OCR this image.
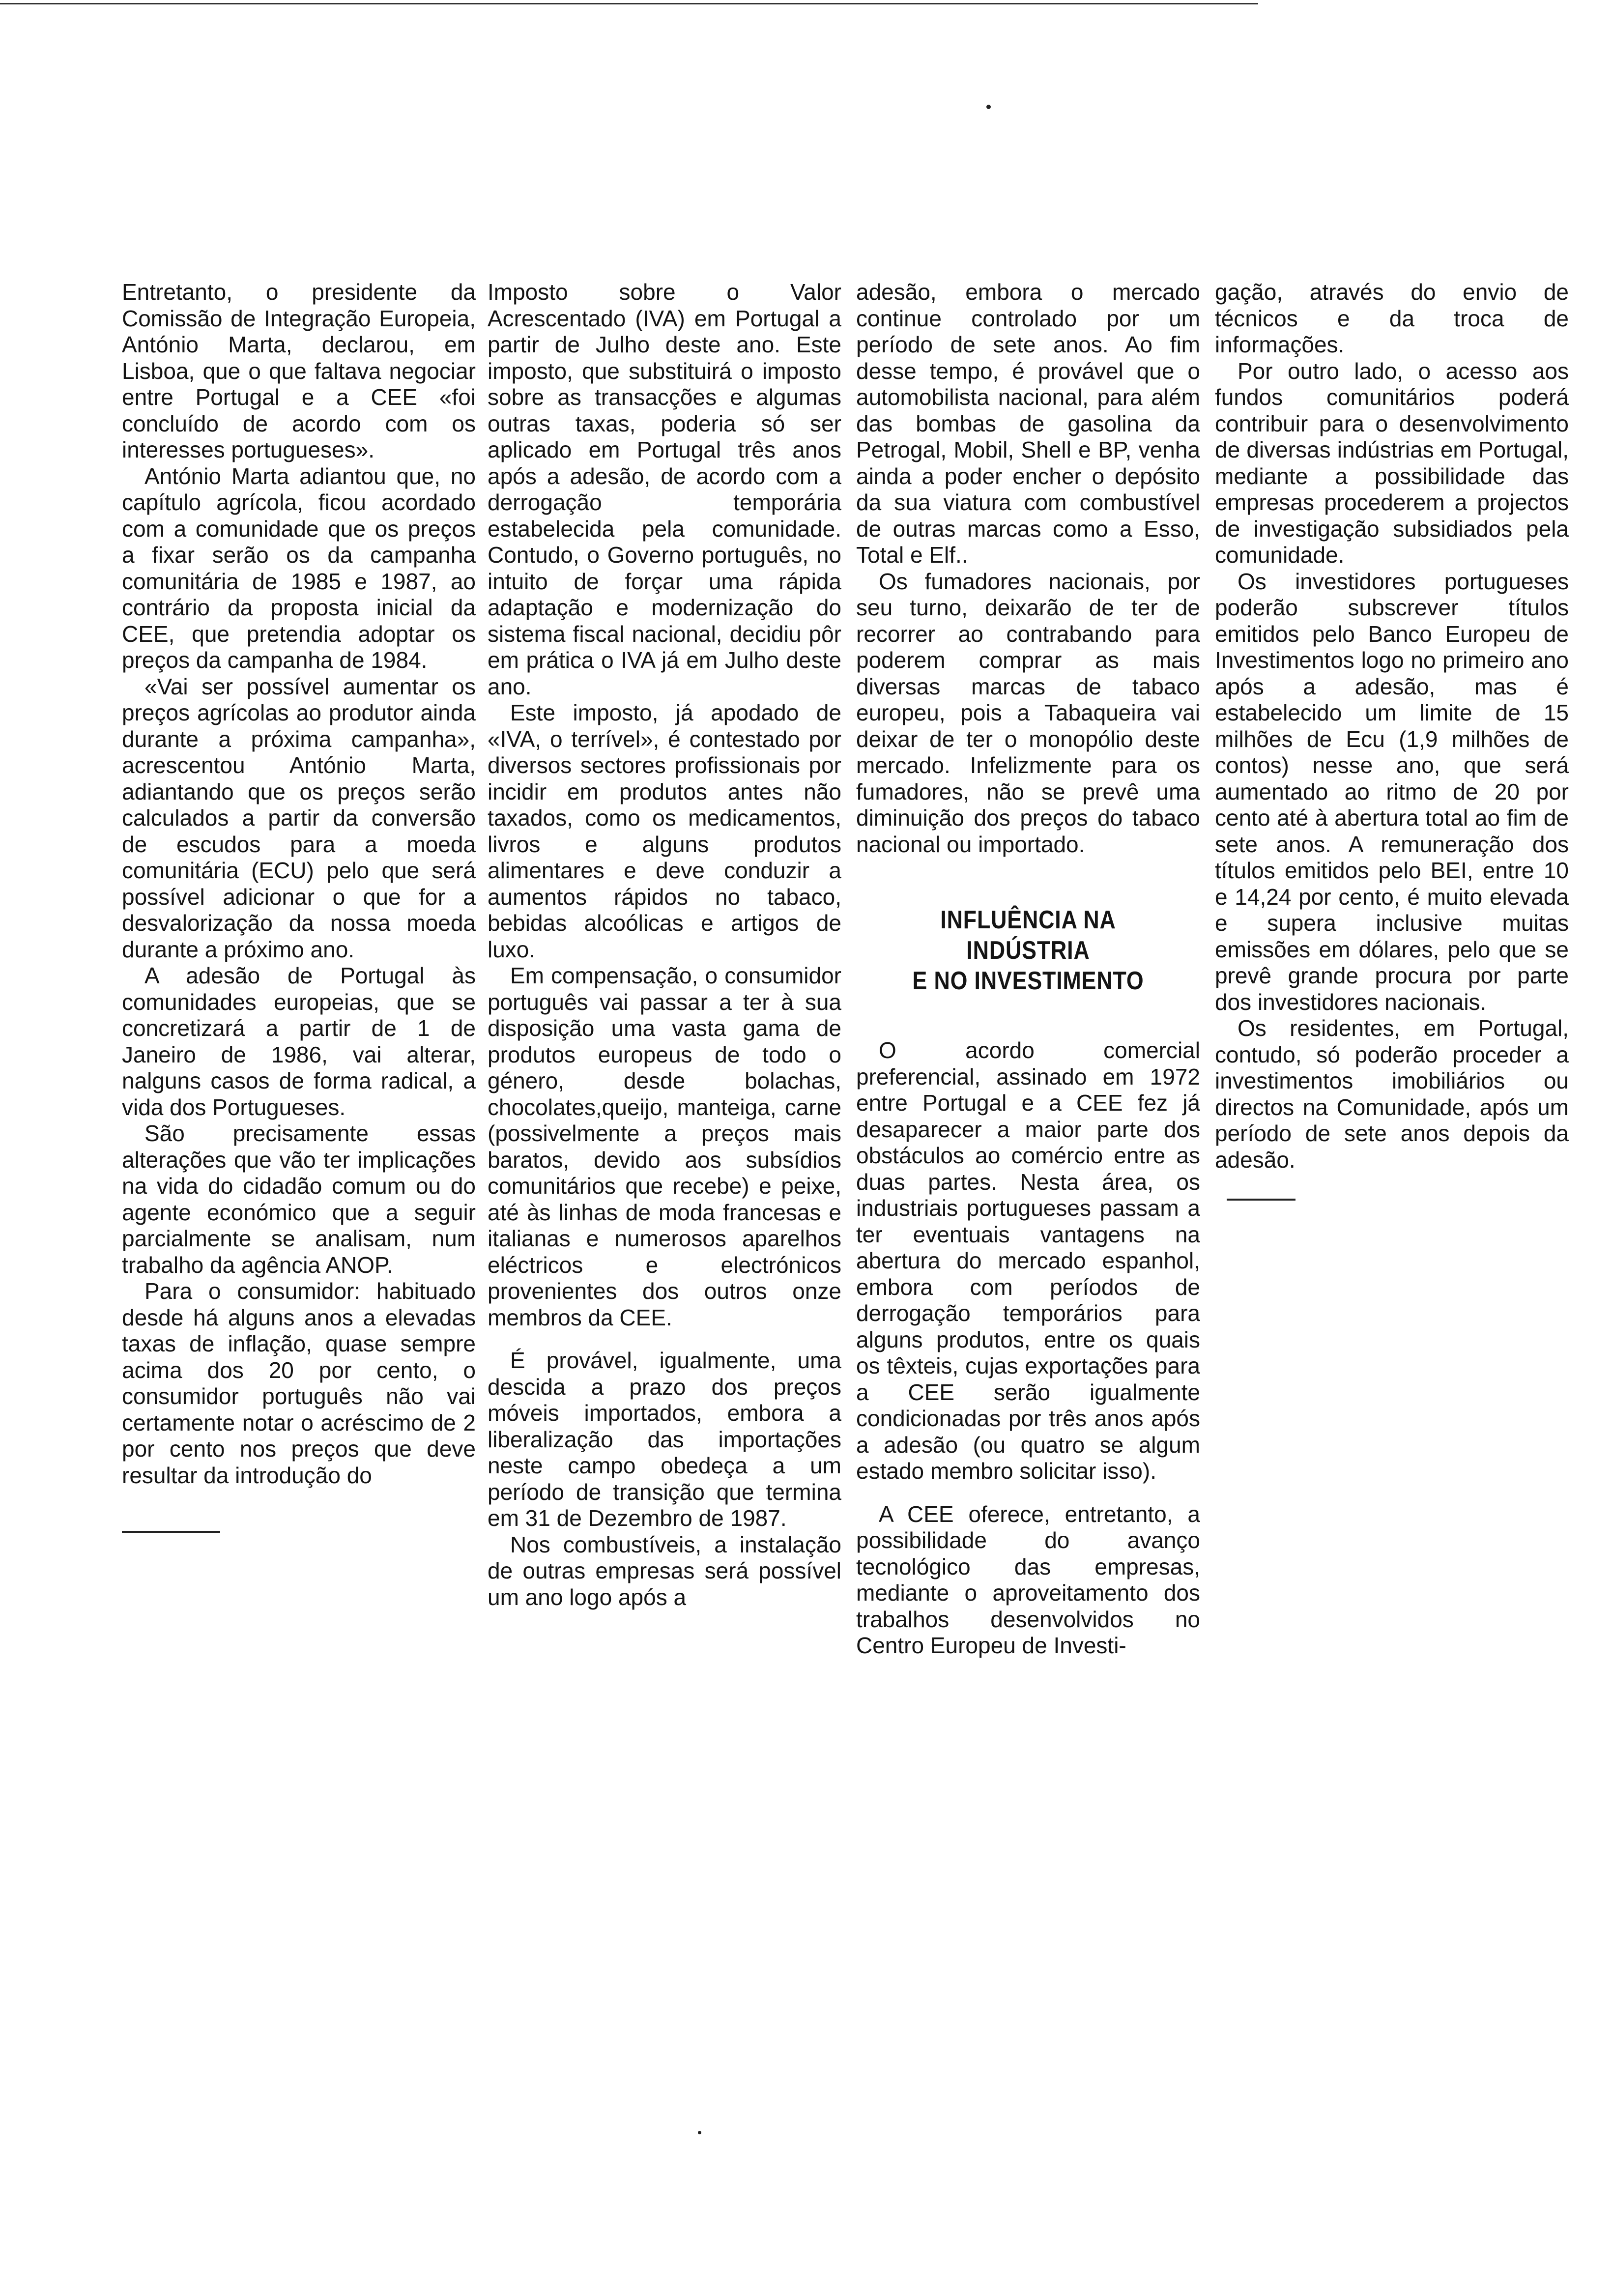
Entretanto, o presidente da Comissão de Integração Europeia, António Marta, declarou, em Lisboa, que o que faltava negociar entre Portugal e a CEE «foi concluído de acordo com os interesses portugueses».

António Marta adiantou que, no capítulo agrícola, ficou acordado com a comunidade que os preços a fixar serão os da campanha comunitária de 1985 e 1987, ao contrário da proposta inicial da CEE, que pretendia adoptar os preços da campanha de 1984.

«Vai ser possível aumentar os preços agrícolas ao produtor ainda durante a próxima campanha», acrescentou António Marta, adiantando que os preços serão calculados a partir da conversão de escudos para a moeda comunitária (ECU) pelo que será possível adicionar o que for a desvalorização da nossa moeda durante a próximo ano.

A adesão de Portugal às comunidades europeias, que se concretizará a partir de 1 de Janeiro de 1986, vai alterar, nalguns casos de forma radical, a vida dos Portugueses.

São precisamente essas alterações que vão ter implicações na vida do cidadão comum ou do agente económico que a seguir parcialmente se analisam, num trabalho da agência ANOP.

Para o consumidor: habituado desde há alguns anos a elevadas taxas de inflação, quase sempre acima dos 20 por cento, o consumidor português não vai certamente notar o acréscimo de 2 por cento nos preços que deve resultar da introdução do

Imposto sobre o Valor Acrescentado (IVA) em Portugal a partir de Julho deste ano. Este imposto, que substituirá o imposto sobre as transacções e algumas outras taxas, poderia só ser aplicado em Portugal três anos após a adesão, de acordo com a derrogação temporária estabelecida pela comunidade. Contudo, o Governo português, no intuito de forçar uma rápida adaptação e modernização do sistema fiscal nacional, decidiu pôr em prática o IVA já em Julho deste ano.

Este imposto, já apodado de «IVA, o terrível», é contestado por diversos sectores profissionais por incidir em produtos antes não taxados, como os medicamentos, livros e alguns produtos alimentares e deve conduzir a aumentos rápidos no tabaco, bebidas alcoólicas e artigos de luxo.

Em compensação, o consumidor português vai passar a ter à sua disposição uma vasta gama de produtos europeus de todo o género, desde bolachas, chocolates,queijo, manteiga, carne (possivelmente a preços mais baratos, devido aos subsídios comunitários que recebe) e peixe, até às linhas de moda francesas e italianas e numerosos aparelhos eléctricos e electrónicos provenientes dos outros onze membros da CEE.

É provável, igualmente, uma descida a prazo dos preços móveis importados, embora a liberalização das importações neste campo obedeça a um período de transição que termina em 31 de Dezembro de 1987.

Nos combustíveis, a instalação de outras empresas será possível um ano logo após a

adesão, embora o mercado continue controlado por um período de sete anos. Ao fim desse tempo, é provável que o automobilista nacional, para além das bombas de gasolina da Petrogal, Mobil, Shell e BP, venha ainda a poder encher o depósito da sua viatura com combustível de outras marcas como a Esso, Total e Elf..

Os fumadores nacionais, por seu turno, deixarão de ter de recorrer ao contrabando para poderem comprar as mais diversas marcas de tabaco europeu, pois a Tabaqueira vai deixar de ter o monopólio deste mercado. Infelizmente para os fumadores, não se prevê uma diminuição dos preços do tabaco nacional ou importado.

INFLUÊNCIA NA INDÚSTRIA
E NO INVESTIMENTO

O acordo comercial preferencial, assinado em 1972 entre Portugal e a CEE fez já desaparecer a maior parte dos obstáculos ao comércio entre as duas partes. Nesta área, os industriais portugueses passam a ter eventuais vantagens na abertura do mercado espanhol, embora com períodos de derrogação temporários para alguns produtos, entre os quais os têxteis, cujas exportações para a CEE serão igualmente condicionadas por três anos após a adesão (ou quatro se algum estado membro solicitar isso).

A CEE oferece, entretanto, a possibilidade do avanço tecnológico das empresas, mediante o aproveitamento dos trabalhos desenvolvidos no Centro Europeu de Investi-

gação, através do envio de técnicos e da troca de informações.

Por outro lado, o acesso aos fundos comunitários poderá contribuir para o desenvolvimento de diversas indústrias em Portugal, mediante a possibilidade das empresas procederem a projectos de investigação subsidiados pela comunidade.

Os investidores portugueses poderão subscrever títulos emitidos pelo Banco Europeu de Investimentos logo no primeiro ano após a adesão, mas é estabelecido um limite de 15 milhões de Ecu (1,9 milhões de contos) nesse ano, que será aumentado ao ritmo de 20 por cento até à abertura total ao fim de sete anos. A remuneração dos títulos emitidos pelo BEI, entre 10 e 14,24 por cento, é muito elevada e supera inclusive muitas emissões em dólares, pelo que se prevê grande procura por parte dos investidores nacionais.

Os residentes, em Portugal, contudo, só poderão proceder a investimentos imobiliários ou directos na Comunidade, após um período de sete anos depois da adesão.
